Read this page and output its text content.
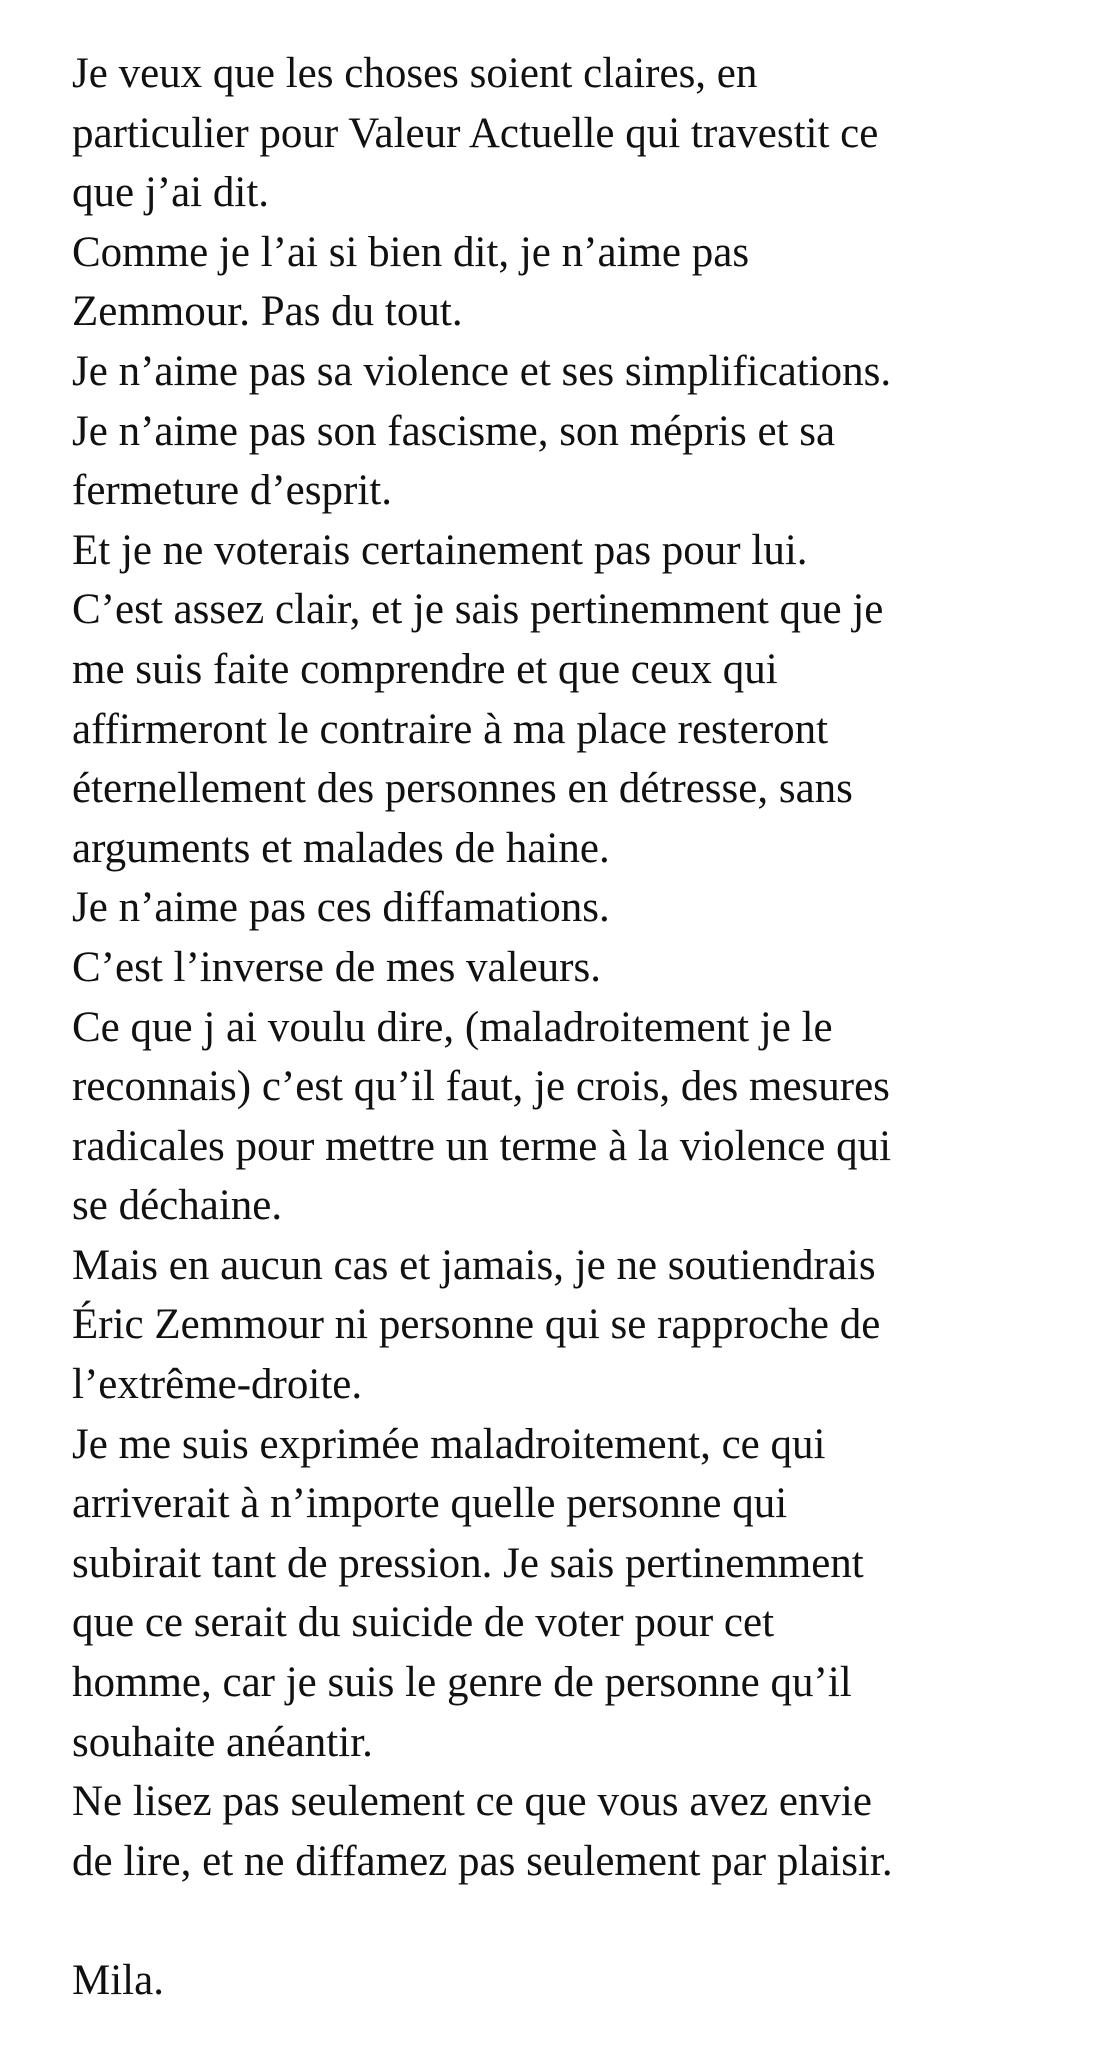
Je veux que les choses soient claires, en
particulier pour Valeur Actuelle qui travestit ce
que j’ai dit.
Comme je l’ai si bien dit, je n’aime pas
Zemmour. Pas du tout.
Je n’aime pas sa violence et ses simplifications.
Je n’aime pas son fascisme, son mépris et sa
fermeture d’esprit.
Et je ne voterais certainement pas pour lui.
C’est assez clair, et je sais pertinemment que je
me suis faite comprendre et que ceux qui
affirmeront le contraire à ma place resteront
éternellement des personnes en détresse, sans
arguments et malades de haine.
Je n’aime pas ces diffamations.
C’est l’inverse de mes valeurs.
Ce que j ai voulu dire, (maladroitement je le
reconnais) c’est qu’il faut, je crois, des mesures
radicales pour mettre un terme à la violence qui
se déchaine.
Mais en aucun cas et jamais, je ne soutiendrais
Éric Zemmour ni personne qui se rapproche de
l’extrême-droite.
Je me suis exprimée maladroitement, ce qui
arriverait à n’importe quelle personne qui
subirait tant de pression. Je sais pertinemment
que ce serait du suicide de voter pour cet
homme, car je suis le genre de personne qu’il
souhaite anéantir.
Ne lisez pas seulement ce que vous avez envie
de lire, et ne diffamez pas seulement par plaisir.
Mila.
